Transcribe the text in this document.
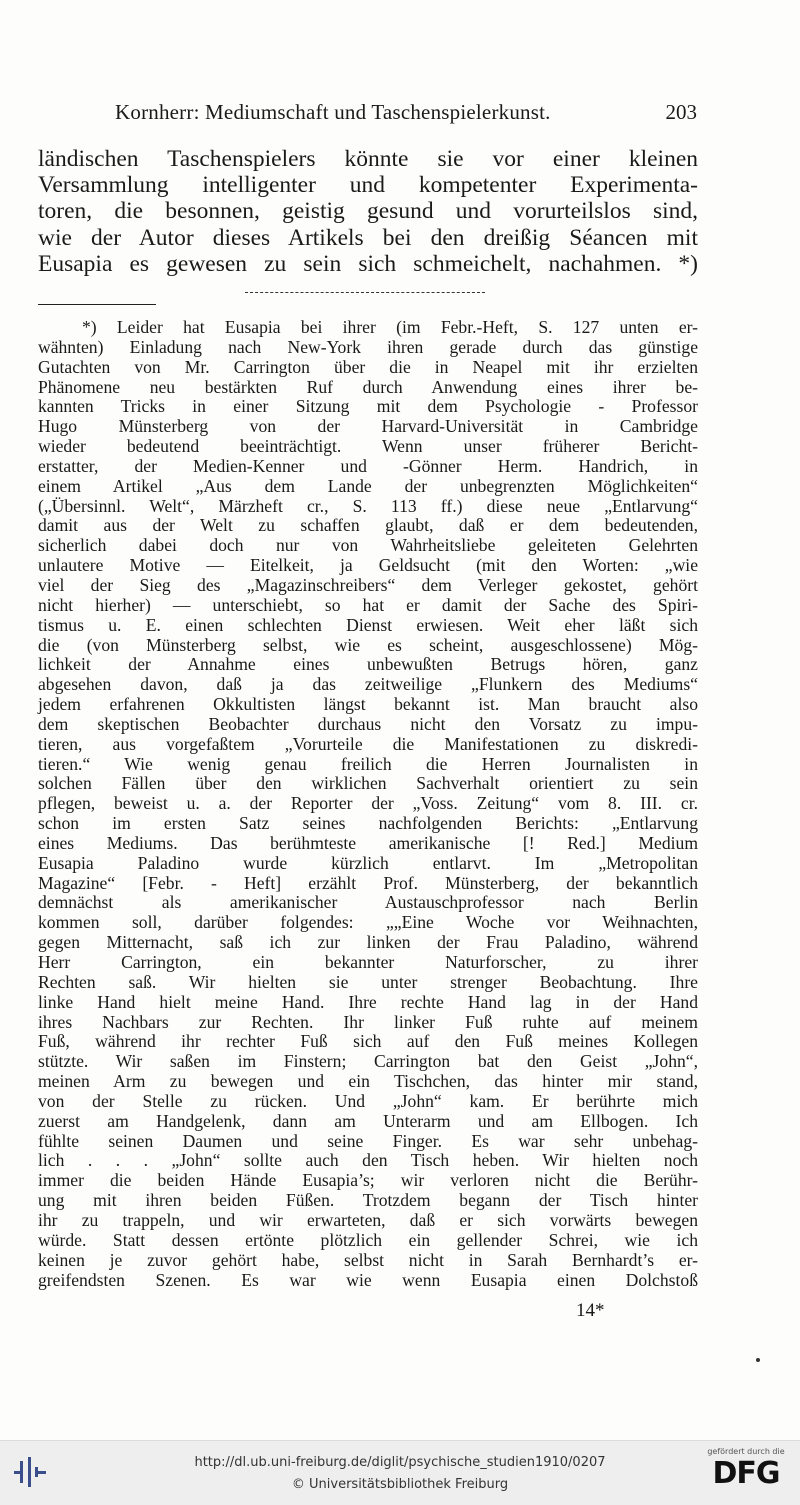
Kornherr: Mediumschaft und Taschenspielerkunst.	203
ländischen Taschenspielers könnte sie vor einer kleinen
Versammlung intelligenter und kompetenter Experimenta-
toren, die besonnen, geistig gesund und vorurteilslos sind,
wie der Autor dieses Artikels bei den dreißig Séancen mit
Eusapia es gewesen zu sein sich schmeichelt, nachahmen. *)
*) Leider hat Eusapia bei ihrer (im Febr.-Heft, S. 127 unten er-
wähnten) Einladung nach New-York ihren gerade durch das günstige
Gutachten von Mr. Carrington über die in Neapel mit ihr erzielten
Phänomene neu bestärkten Ruf durch Anwendung eines ihrer be-
kannten Tricks in einer Sitzung mit dem Psychologie - Professor
Hugo Münsterberg von der Harvard-Universität in Cambridge
wieder bedeutend beeinträchtigt. Wenn unser früherer Bericht-
erstatter, der Medien-Kenner und -Gönner Herm. Handrich, in
einem Artikel „Aus dem Lande der unbegrenzten Möglichkeiten“
(„Übersinnl. Welt“, Märzheft cr., S. 113 ff.) diese neue „Entlarvung“
damit aus der Welt zu schaffen glaubt, daß er dem bedeutenden,
sicherlich dabei doch nur von Wahrheitsliebe geleiteten Gelehrten
unlautere Motive — Eitelkeit, ja Geldsucht (mit den Worten: „wie
viel der Sieg des „Magazinschreibers“ dem Verleger gekostet, gehört
nicht hierher) — unterschiebt, so hat er damit der Sache des Spiri-
tismus u. E. einen schlechten Dienst erwiesen. Weit eher läßt sich
die (von Münsterberg selbst, wie es scheint, ausgeschlossene) Mög-
lichkeit der Annahme eines unbewußten Betrugs hören, ganz
abgesehen davon, daß ja das zeitweilige „Flunkern des Mediums“
jedem erfahrenen Okkultisten längst bekannt ist. Man braucht also
dem skeptischen Beobachter durchaus nicht den Vorsatz zu impu-
tieren, aus vorgefaßtem „Vorurteile die Manifestationen zu diskredi-
tieren.“ Wie wenig genau freilich die Herren Journalisten in
solchen Fällen über den wirklichen Sachverhalt orientiert zu sein
pflegen, beweist u. a. der Reporter der „Voss. Zeitung“ vom 8. III. cr.
schon im ersten Satz seines nachfolgenden Berichts: „Entlarvung
eines Mediums. Das berühmteste amerikanische [! Red.] Medium
Eusapia Paladino wurde kürzlich entlarvt. Im „Metropolitan
Magazine“ [Febr. - Heft] erzählt Prof. Münsterberg, der bekanntlich
demnächst als amerikanischer Austauschprofessor nach Berlin
kommen soll, darüber folgendes: „„Eine Woche vor Weihnachten,
gegen Mitternacht, saß ich zur linken der Frau Paladino, während
Herr Carrington, ein bekannter Naturforscher, zu ihrer
Rechten saß. Wir hielten sie unter strenger Beobachtung. Ihre
linke Hand hielt meine Hand. Ihre rechte Hand lag in der Hand
ihres Nachbars zur Rechten. Ihr linker Fuß ruhte auf meinem
Fuß, während ihr rechter Fuß sich auf den Fuß meines Kollegen
stützte. Wir saßen im Finstern; Carrington bat den Geist „John“,
meinen Arm zu bewegen und ein Tischchen, das hinter mir stand,
von der Stelle zu rücken. Und „John“ kam. Er berührte mich
zuerst am Handgelenk, dann am Unterarm und am Ellbogen. Ich
fühlte seinen Daumen und seine Finger. Es war sehr unbehag-
lich . . . „John“ sollte auch den Tisch heben. Wir hielten noch
immer die beiden Hände Eusapia’s; wir verloren nicht die Berühr-
ung mit ihren beiden Füßen. Trotzdem begann der Tisch hinter
ihr zu trappeln, und wir erwarteten, daß er sich vorwärts bewegen
würde. Statt dessen ertönte plötzlich ein gellender Schrei, wie ich
keinen je zuvor gehört habe, selbst nicht in Sarah Bernhardt’s er-
greifendsten Szenen. Es war wie wenn Eusapia einen Dolchstoß
14*
http://dl.ub.uni-freiburg.de/diglit/psychische_studien1910/0207
© Universitätsbibliothek Freiburg
gefördert durch die
DFG
